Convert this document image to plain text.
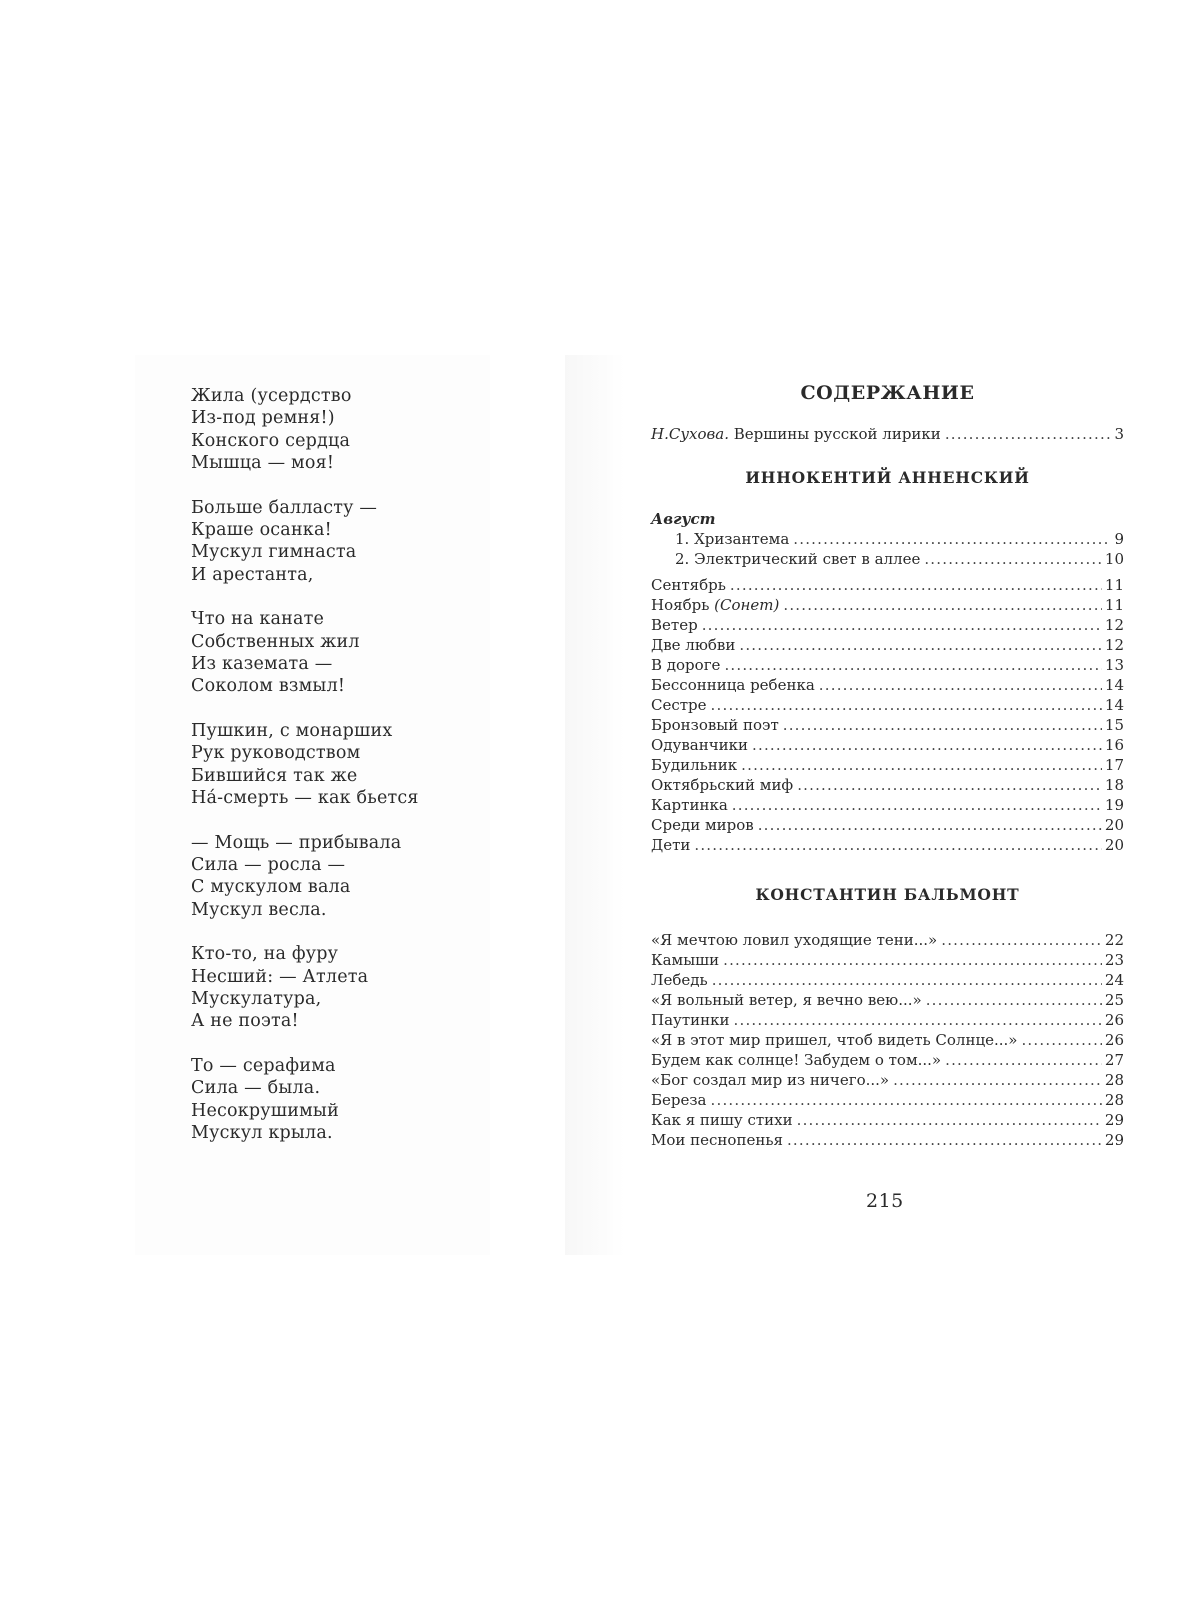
Жила (усердство
Из-под ремня!)
Конского сердца
Мышца — моя!
Больше балласту —
Краше осанка!
Мускул гимнаста
И арестанта,
Что на канате
Собственных жил
Из каземата —
Соколом взмыл!
Пушкин, с монарших
Рук руководством
Бившийся так же
На́-смерть — как бьется
— Мощь — прибывала
Сила — росла —
С мускулом вала
Мускул весла.
Кто-то, на фуру
Несший: — Атлета
Мускулатура,
А не поэта!
То — серафима
Сила — была.
Несокрушимый
Мускул крыла.
СОДЕРЖАНИЕ
Н.Сухова. Вершины русской лирики .....	3
ИННОКЕНТИЙ АННЕНСКИЙ
Август
1. Хризантема .....	9
2. Электрический свет в аллее .....	10
Сентябрь .....	11
Ноябрь (Сонет) .....	11
Ветер .....	12
Две любви .....	12
В дороге .....	13
Бессонница ребенка .....	14
Сестре .....	14
Бронзовый поэт .....	15
Одуванчики .....	16
Будильник .....	17
Октябрьский миф .....	18
Картинка .....	19
Среди миров .....	20
Дети .....	20
КОНСТАНТИН БАЛЬМОНТ
«Я мечтою ловил уходящие тени...» .....	22
Камыши .....	23
Лебедь .....	24
«Я вольный ветер, я вечно вею...» .....	25
Паутинки .....	26
«Я в этот мир пришел, чтоб видеть Солнце...» .....	26
Будем как солнце! Забудем о том...» .....	27
«Бог создал мир из ничего...» .....	28
Береза .....	28
Как я пишу стихи .....	29
Мои песнопенья .....	29
215
